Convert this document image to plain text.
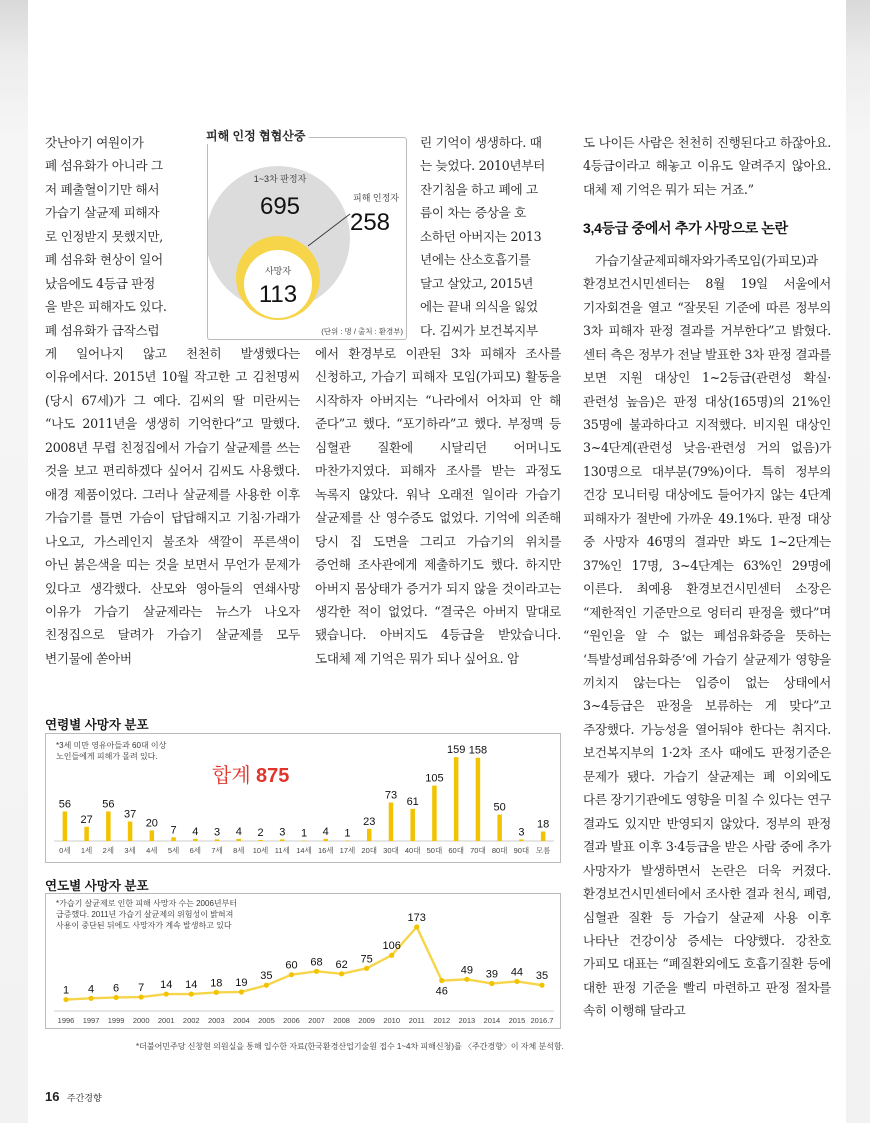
갓난아기 여원이가
폐 섬유화가 아니라 그
저 폐출혈이기만 해서
가습기 살균제 피해자
로 인정받지 못했지만,
폐 섬유화 현상이 일어
났음에도 4등급 판정
을 받은 피해자도 있다.
폐 섬유화가 급작스럽

게 일어나지 않고 천천히 발생했다는 이유에서다. 2015년 10월 작고한 고 김천명씨(당시 67세)가 그 예다. 김씨의 딸 미란씨는 “나도 2011년을 생생히 기억한다”고 말했다. 2008년 무렵 친정집에서 가습기 살균제를 쓰는 것을 보고 편리하겠다 싶어서 김씨도 사용했다. 애경 제품이었다. 그러나 살균제를 사용한 이후 가습기를 틀면 가슴이 답답해지고 기침·가래가 나오고, 가스레인지 불조차 색깔이 푸른색이 아닌 붉은색을 띠는 것을 보면서 무언가 문제가 있다고 생각했다. 산모와 영아들의 연쇄사망 이유가 가습기 살균제라는 뉴스가 나오자 친정집으로 달려가 가습기 살균제를 모두 변기물에 쏟아버

1~3차 판정자
695	피해 인정자
258
사망자
113
(단위 : 명 / 출처 : 환경부)
피해 인정 협협산중	린 기억이 생생하다. 때
는 늦었다. 2010년부터
잔기침을 하고 폐에 고
름이 차는 증상을 호
소하던 아버지는 2013
년에는 산소호흡기를
달고 살았고, 2015년
에는 끝내 의식을 잃었
다. 김씨가 보건복지부

에서 환경부로 이관된 3차 피해자 조사를 신청하고, 가습기 피해자 모임(가피모) 활동을 시작하자 아버지는 “나라에서 어차피 안 해 준다”고 했다. “포기하라”고 했다. 부정맥 등 심혈관 질환에 시달리던 어머니도 마찬가지였다. 피해자 조사를 받는 과정도 녹록지 않았다. 워낙 오래전 일이라 가습기 살균제를 산 영수증도 없었다. 기억에 의존해 당시 집 도면을 그리고 가습기의 위치를 증언해 조사관에게 제출하기도 했다. 하지만 아버지 몸상태가 증거가 되지 않을 것이라고는 생각한 적이 없었다. “결국은 아버지 말대로 됐습니다. 아버지도 4등급을 받았습니다. 도대체 제 기억은 뭐가 되나 싶어요. 암

도 나이든 사람은 천천히 진행된다고 하잖아요. 4등급이라고 해놓고 이유도 알려주지 않아요. 대체 제 기억은 뭐가 되는 거죠.”

3,4등급 중에서 추가 사망으로 논란

가습기살균제피해자와가족모임(가피모)과 환경보건시민센터는 8월 19일 서울에서 기자회견을 열고 “잘못된 기준에 따른 정부의 3차 피해자 판정 결과를 거부한다”고 밝혔다. 센터 측은 정부가 전날 발표한 3차 판정 결과를 보면 지원 대상인 1~2등급(관련성 확실·관련성 높음)은 판정 대상(165명)의 21%인 35명에 불과하다고 지적했다. 비지원 대상인 3~4단계(관련성 낮음·관련성 거의 없음)가 130명으로 대부분(79%)이다. 특히 정부의 건강 모니터링 대상에도 들어가지 않는 4단계 피해자가 절반에 가까운 49.1%다. 판정 대상 중 사망자 46명의 결과만 봐도 1~2단계는 37%인 17명, 3~4단계는 63%인 29명에 이른다. 최예용 환경보건시민센터 소장은 “제한적인 기준만으로 엉터리 판정을 했다”며 “원인을 알 수 없는 폐섬유화증을 뜻하는 ‘특발성폐섬유화증’에 가습기 살균제가 영향을 끼치지 않는다는 입증이 없는 상태에서 3~4등급은 판정을 보류하는 게 맞다”고 주장했다. 가능성을 열어둬야 한다는 취지다. 보건복지부의 1·2차 조사 때에도 판정기준은 문제가 됐다. 가습기 살균제는 폐 이외에도 다른 장기기관에도 영향을 미칠 수 있다는 연구 결과도 있지만 반영되지 않았다. 정부의 판정 결과 발표 이후 3·4등급을 받은 사람 중에 추가 사망자가 발생하면서 논란은 더욱 커졌다. 환경보건시민센터에서 조사한 결과 천식, 폐렴, 심혈관 질환 등 가습기 살균제 사용 이후 나타난 건강이상 증세는 다양했다. 강찬호 가피모 대표는 “폐질환외에도 호흡기질환 등에 대한 판정 기준을 빨리 마련하고 판정 절차를 속히 이행해 달라고

연령별 사망자 분포
*3세 미만 영유아들과 60대 이상
노인들에게 피해가 몰려 있다.
합계 875
56
0세
27
1세
56
2세
37
3세
20
4세
7
5세
4
6세
3
7세
4
8세
2
10세
3
11세
1
14세
4
16세
1
17세
23
20대
73
30대
61
40대
105
50대
159
60대
158
70대
50
80대
3
90대
18
모름
연도별 사망자 분포
*가습기 살균제로 인한 피해 사망자 수는 2006년부터
급증했다. 2011년 가습기 살균제의 위험성이 밝혀져
사용이 중단된 뒤에도 사망자가 계속 발생하고 있다
1
1996
4
1997
6
1999
7
2000
14
2001
14
2002
18
2003
19
2004
35
2005
60
2006
68
2007
62
2008
75
2009
106
2010
173
2011
46
2012
49
2013
39
2014
44
2015
35
2016.7
*더불어민주당 신창현 의원실을 통해 입수한 자료(한국환경산업기술원 접수 1~4차 피해신청)를 〈주간경향〉이 자체 분석함.
16 주간경향
